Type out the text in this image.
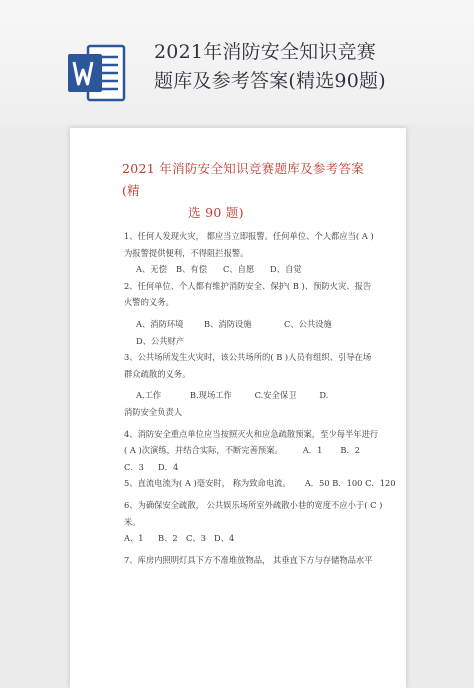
2021年消防安全知识竞赛
题库及参考答案(精选90题)
2021 年消防安全知识竞赛题库及参考答案(精
选 90 题)
1、任何人发现火灾， 都应当立即报警。任何单位、个人都应当( A )
为报警提供便利，不得阻拦报警。
A、无偿	B、有偿	C、自愿	D、自觉
2、任何单位、个人都有维护消防安全、保护( B )、预防火灾、报告
火警的义务。
A、消防环境	B、消防设施	C、公共设施
D、公共财产
3、公共场所发生火灾时，该公共场所的( B )人员有组织、引导在场
群众疏散的义务。
A.工作	B.现场工作	C.安全保卫	D.
消防安全负责人
4、消防安全重点单位应当按照灭火和应急疏散预案，至少每半年进行
( A )次演练，并结合实际，不断完善预案。	A．1	B．2
C．3	D．4
5、直流电流为( A )毫安时， 称为致命电流。	A．50 B．100 C．120
6、为确保安全疏散， 公共娱乐场所室外疏散小巷的宽度不应小于( C )
米。
A、1	B、2	C、3 D、4
7、库房内照明灯具下方不准堆放物品， 其垂直下方与存储物品水平
